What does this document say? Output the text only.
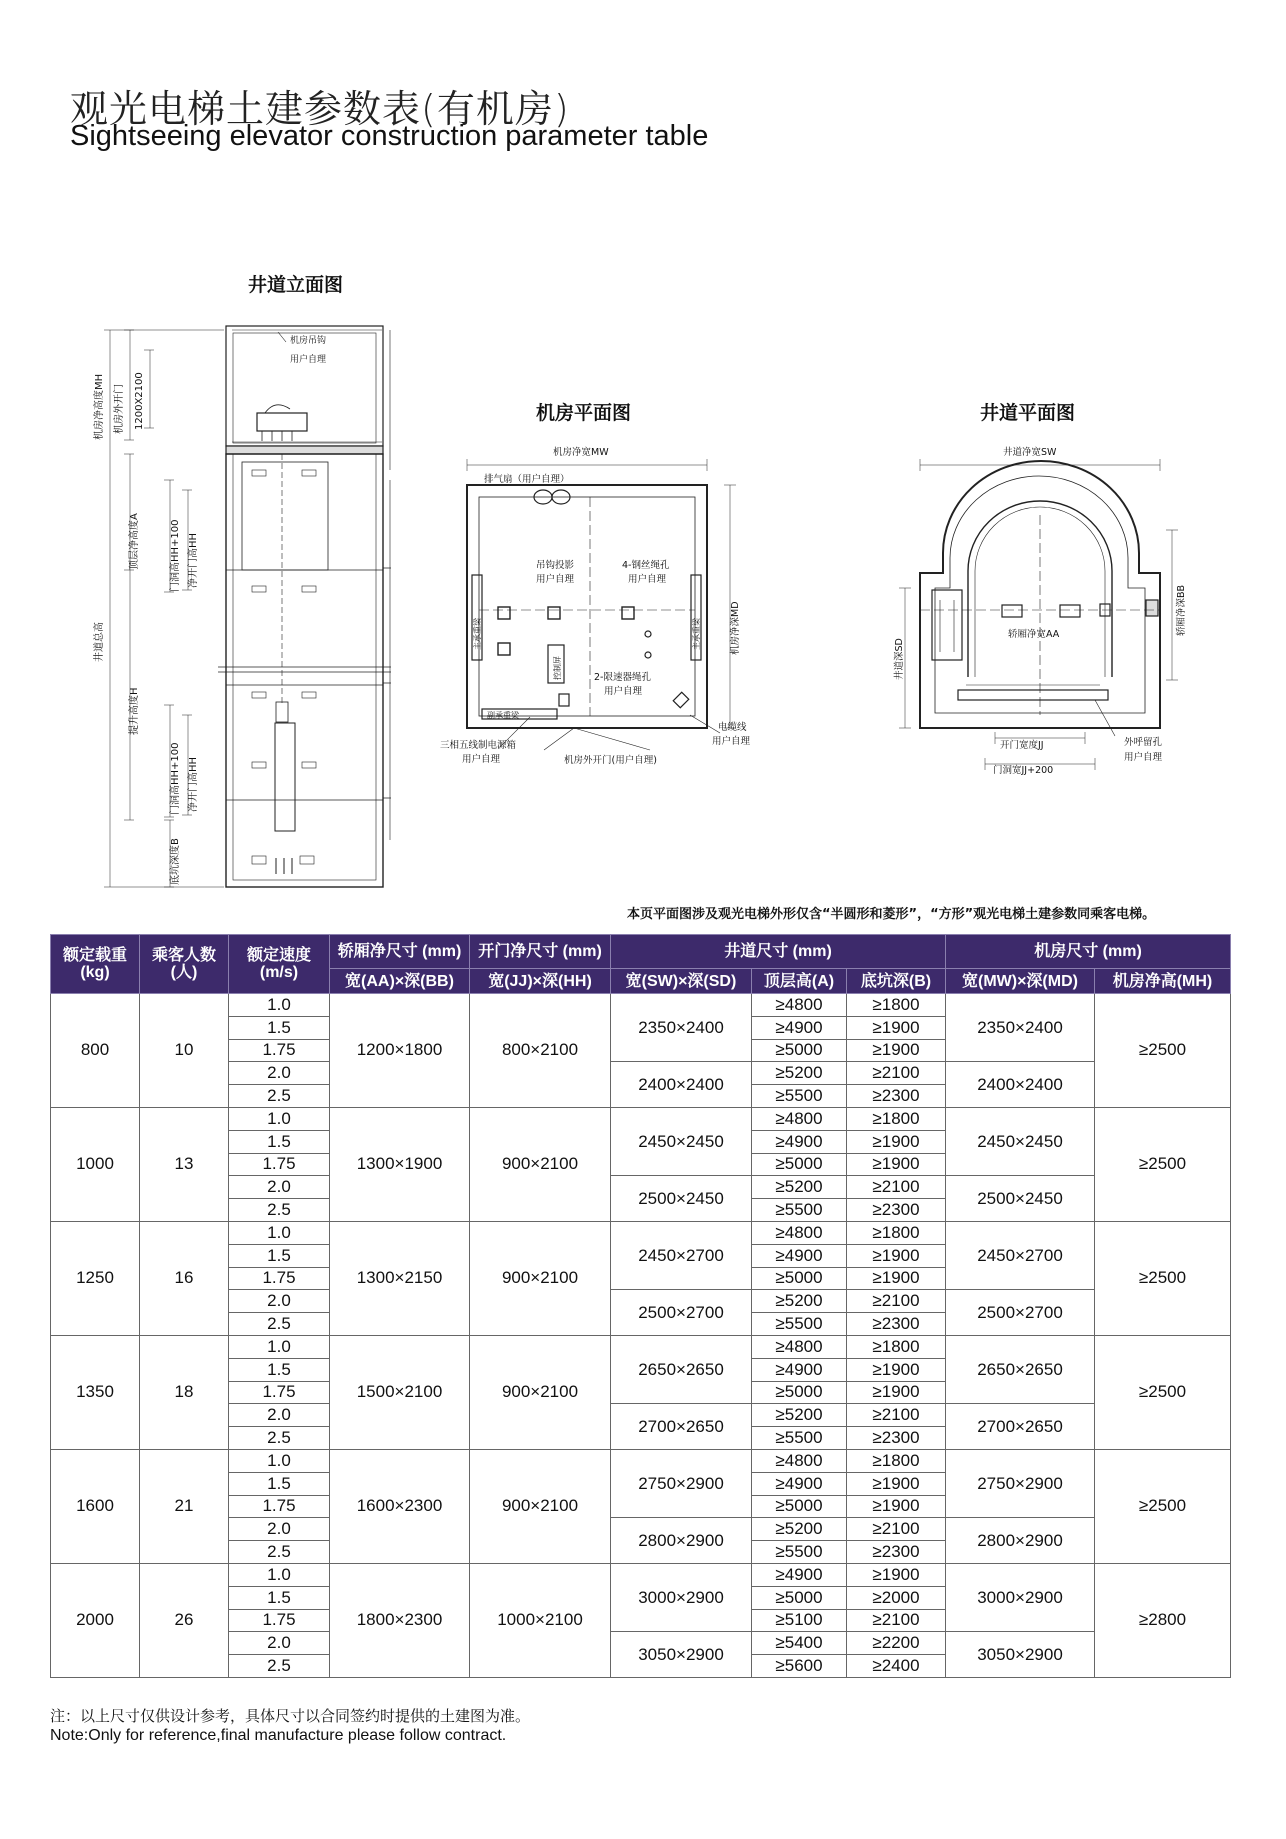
观光电梯土建参数表(有机房)
Sightseeing elevator construction parameter table
井道立面图
机房平面图	井道平面图
机房净高度MH 机房外开门 1200X2100
机房吊钩
用户自理
顶层净高度A	门洞高HH+100 净开门高HH
井道总高
提升高度H
门洞高HH+100 净开门高HH
底坑深度B
机房净宽MW
排气扇（用户自理）
吊钩投影
用户自理
4-钢丝绳孔
用户自理
机房净深MD
主承重梁	主承重梁
控制屏	2-限速器绳孔
用户自理
副承重梁
三相五线制电源箱
用户自理	机房外开门(用户自理)
电缆线
用户自理
井道净宽SW
井道深SD
轿厢净宽AA	轿厢净深BB
开门宽度JJ
门洞宽JJ+200
外呼留孔
用户自理
本页平面图涉及观光电梯外形仅含“半圆形和菱形”，“方形”观光电梯土建参数同乘客电梯。
额定载重 (kg)	乘客人数 (人)	额定速度 (m/s)	轿厢净尺寸 (mm)	开门净尺寸 (mm)	井道尺寸 (mm)			机房尺寸 (mm)	
			宽(AA)×深(BB)	宽(JJ)×深(HH)	宽(SW)×深(SD)	顶层高(A)	底坑深(B)	宽(MW)×深(MD)	机房净高(MH)
800	10	1.0	1200×1800	800×2100	2350×2400	≥4800	≥1800	2350×2400	≥2500
		1.5				≥4900	≥1900		
		1.75				≥5000	≥1900		
		2.0			2400×2400	≥5200	≥2100	2400×2400	
		2.5				≥5500	≥2300		
1000	13	1.0	1300×1900	900×2100	2450×2450	≥4800	≥1800	2450×2450	≥2500
		1.5				≥4900	≥1900		
		1.75				≥5000	≥1900		
		2.0			2500×2450	≥5200	≥2100	2500×2450	
		2.5				≥5500	≥2300		
1250	16	1.0	1300×2150	900×2100	2450×2700	≥4800	≥1800	2450×2700	≥2500
		1.5				≥4900	≥1900		
		1.75				≥5000	≥1900		
		2.0			2500×2700	≥5200	≥2100	2500×2700	
		2.5				≥5500	≥2300		
1350	18	1.0	1500×2100	900×2100	2650×2650	≥4800	≥1800	2650×2650	≥2500
		1.5				≥4900	≥1900		
		1.75				≥5000	≥1900		
		2.0			2700×2650	≥5200	≥2100	2700×2650	
		2.5				≥5500	≥2300		
1600	21	1.0	1600×2300	900×2100	2750×2900	≥4800	≥1800	2750×2900	≥2500
		1.5				≥4900	≥1900		
		1.75				≥5000	≥1900		
		2.0			2800×2900	≥5200	≥2100	2800×2900	
		2.5				≥5500	≥2300		
2000	26	1.0	1800×2300	1000×2100	3000×2900	≥4900	≥1900	3000×2900	≥2800
		1.5				≥5000	≥2000		
		1.75				≥5100	≥2100		
		2.0			3050×2900	≥5400	≥2200	3050×2900	
		2.5				≥5600	≥2400		
注：以上尺寸仅供设计参考，具体尺寸以合同签约时提供的土建图为准。
Note:Only for reference,final manufacture please follow contract.
